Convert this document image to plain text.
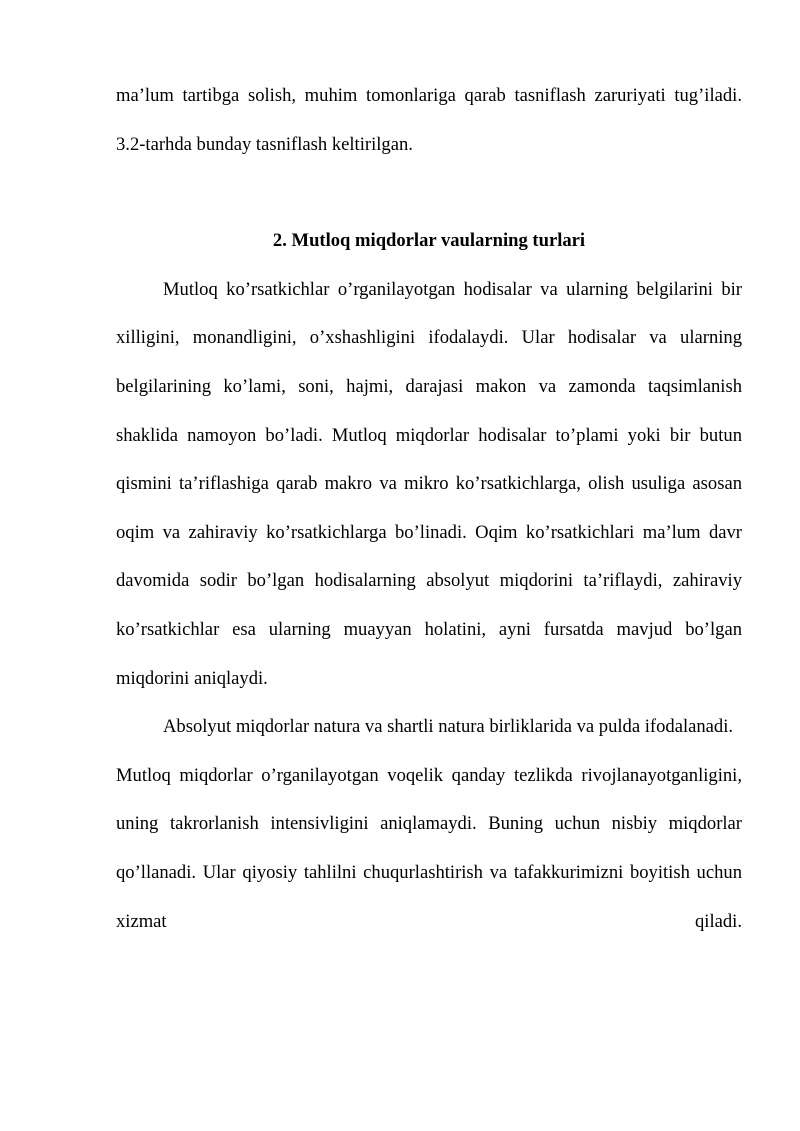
ma’lum tartibga solish, muhim tomonlariga qarab tasniflash zaruriyati tug’iladi. 3.2-tarhda bunday tasniflash keltirilgan.

2. Mutloq miqdorlar vaularning turlari

Mutloq ko’rsatkichlar o’rganilayotgan hodisalar va ularning belgilarini bir xilligini, monandligini, o’xshashligini ifodalaydi. Ular hodisalar va ularning belgilarining ko’lami, soni, hajmi, darajasi makon va zamonda taqsimlanish shaklida namoyon bo’ladi. Mutloq miqdorlar hodisalar to’plami yoki bir butun qismini ta’riflashiga qarab makro va mikro ko’rsatkichlarga, olish usuliga asosan oqim va zahiraviy ko’rsatkichlarga bo’linadi. Oqim ko’rsatkichlari ma’lum davr davomida sodir bo’lgan hodisalarning absolyut miqdorini ta’riflaydi, zahiraviy ko’rsatkichlar esa ularning muayyan holatini, ayni fursatda mavjud bo’lgan miqdorini aniqlaydi.

Absolyut miqdorlar natura va shartli natura birliklarida va pulda ifodalanadi.

Mutloq miqdorlar o’rganilayotgan voqelik qanday tezlikda rivojlanayotganligini, uning takrorlanish intensivligini aniqlamaydi. Buning uchun nisbiy miqdorlar qo’llanadi. Ular qiyosiy tahlilni chuqurlashtirish va tafakkurimizni boyitish uchun xizmat qiladi.
